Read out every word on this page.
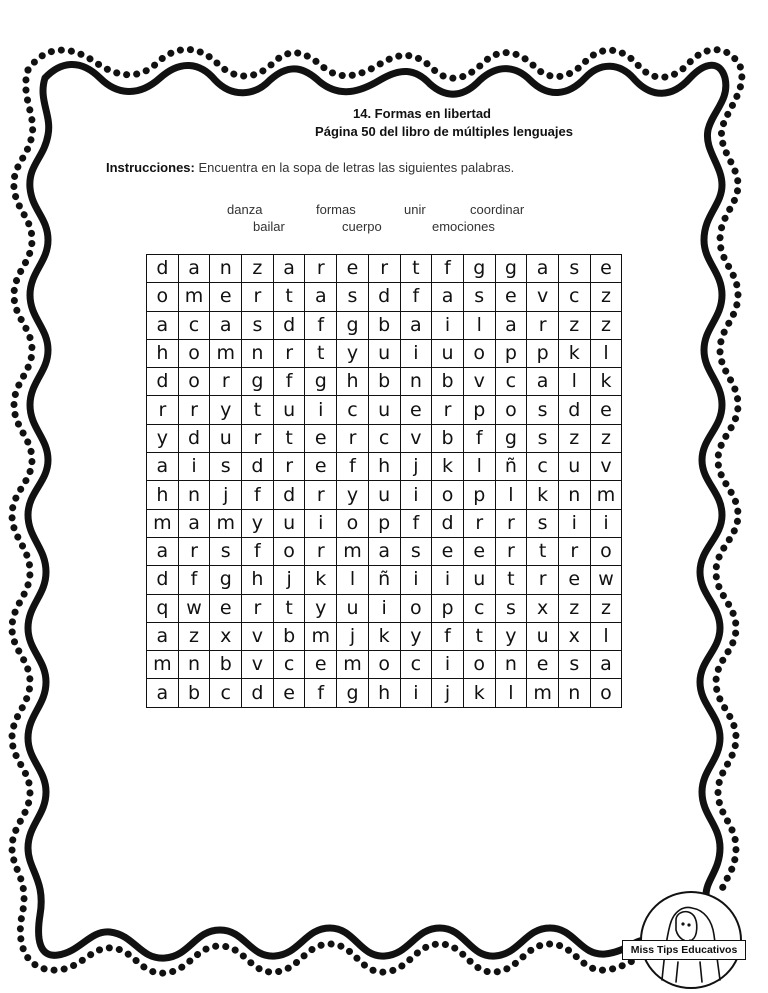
14. Formas en libertad
Página 50 del libro de múltiples lenguajes
Instrucciones: Encuentra en la sopa de letras las siguientes palabras.
danza	formas	unir	coordinar
bailar	cuerpo	emociones
d	a	n	z	a	r	e	r	t	f	g	g	a	s	e
o	m	e	r	t	a	s	d	f	a	s	e	v	c	z
a	c	a	s	d	f	g	b	a	i	l	a	r	z	z
h	o	m	n	r	t	y	u	i	u	o	p	p	k	l
d	o	r	g	f	g	h	b	n	b	v	c	a	l	k
r	r	y	t	u	i	c	u	e	r	p	o	s	d	e
y	d	u	r	t	e	r	c	v	b	f	g	s	z	z
a	i	s	d	r	e	f	h	j	k	l	ñ	c	u	v
h	n	j	f	d	r	y	u	i	o	p	l	k	n	m
m	a	m	y	u	i	o	p	f	d	r	r	s	i	i
a	r	s	f	o	r	m	a	s	e	e	r	t	r	o
d	f	g	h	j	k	l	ñ	i	i	u	t	r	e	w
q	w	e	r	t	y	u	i	o	p	c	s	x	z	z
a	z	x	v	b	m	j	k	y	f	t	y	u	x	l
m	n	b	v	c	e	m	o	c	i	o	n	e	s	a
a	b	c	d	e	f	g	h	i	j	k	l	m	n	o
Miss Tips Educativos
